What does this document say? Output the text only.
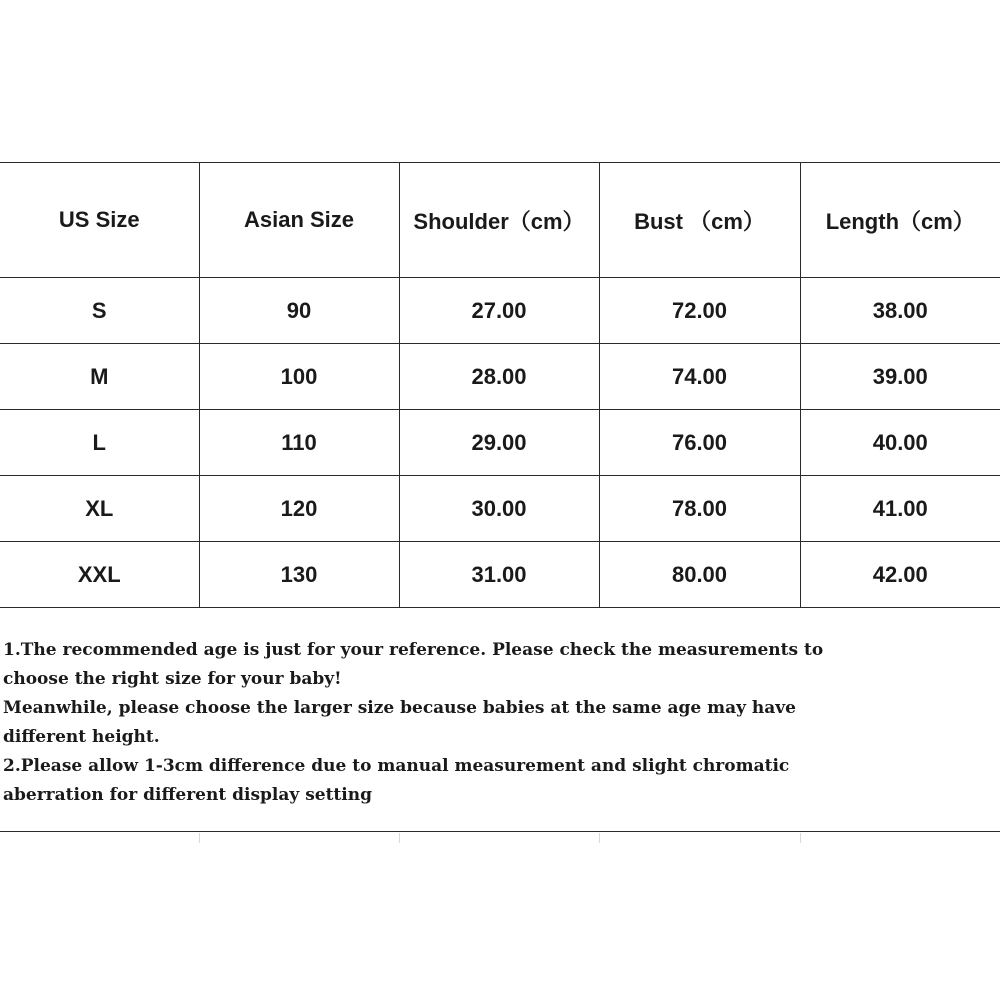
US Size	Asian Size	Shoulder（cm）	Bust （cm）	Length（cm）
S	90	27.00	72.00	38.00
M	100	28.00	74.00	39.00
L	110	29.00	76.00	40.00
XL	120	30.00	78.00	41.00
XXL	130	31.00	80.00	42.00
1.The recommended age is just for your reference. Please check the measurements to
choose the right size for your baby!
Meanwhile, please choose the larger size because babies at the same age may have
different height.
2.Please allow 1-3cm difference due to manual measurement and slight chromatic
aberration for different display setting
